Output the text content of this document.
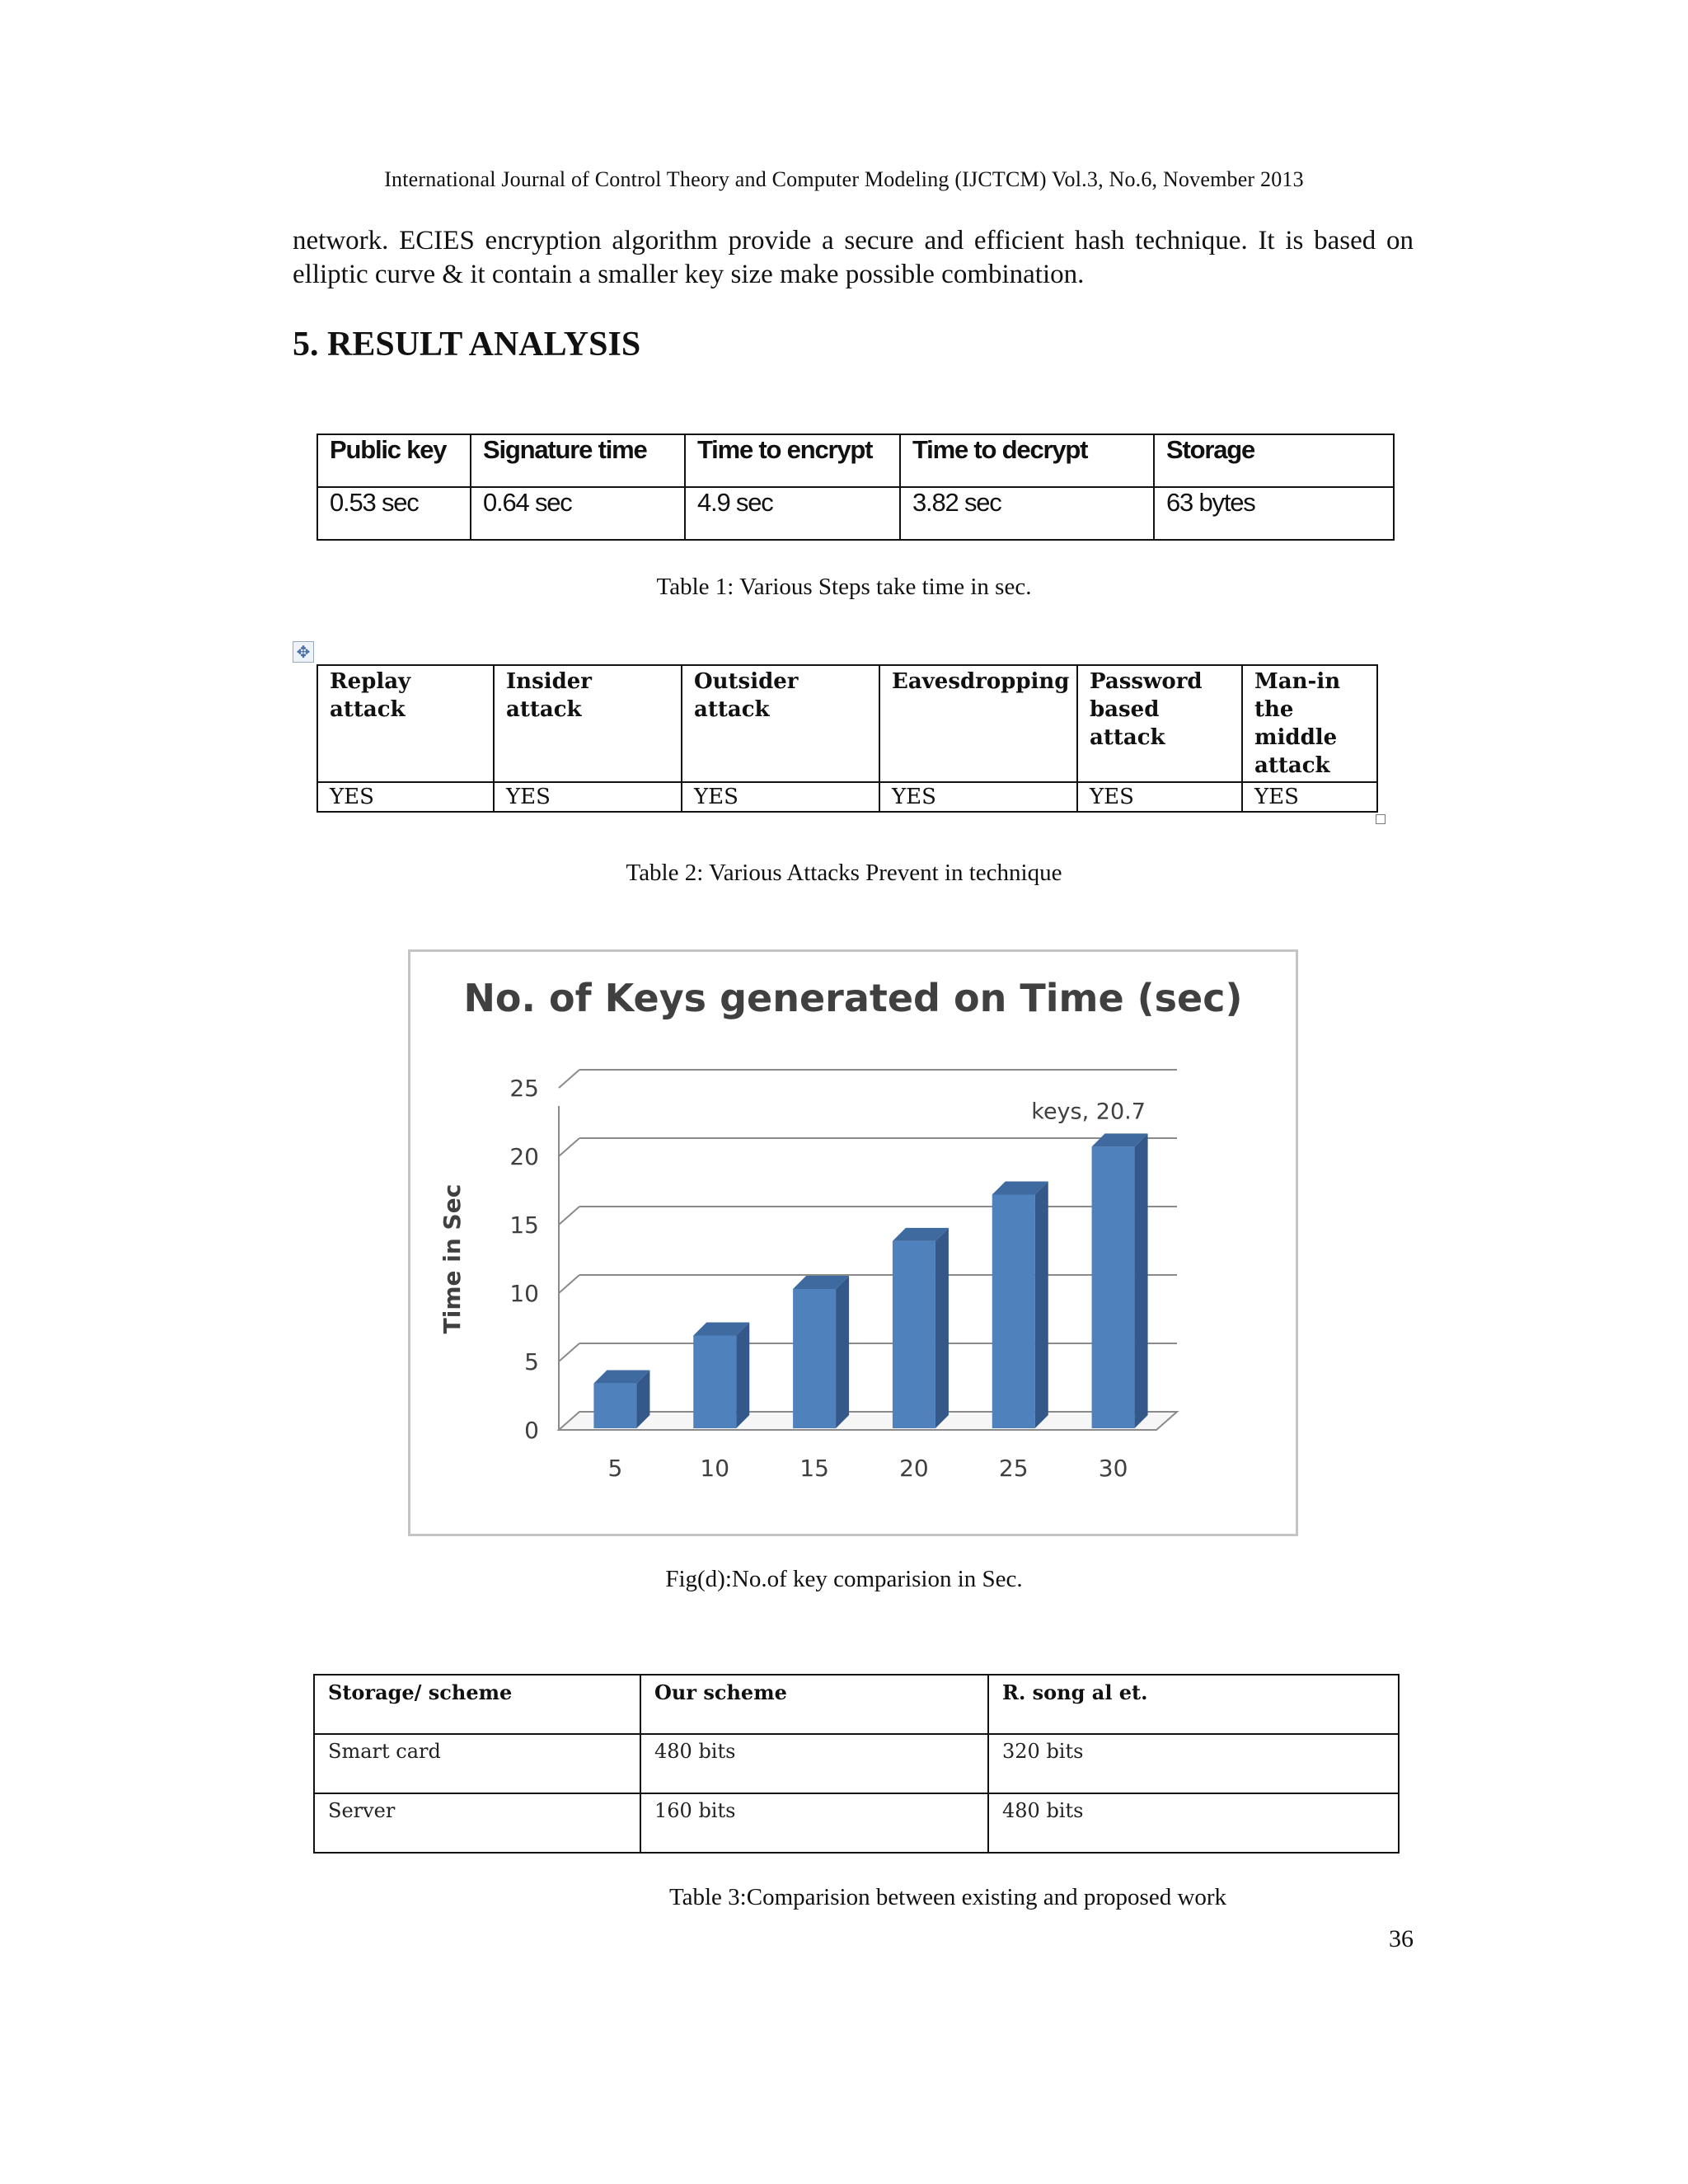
International Journal of Control Theory and Computer Modeling (IJCTCM) Vol.3, No.6, November 2013
network. ECIES encryption algorithm provide a secure and efficient hash technique. It is based on elliptic curve & it contain a smaller key size make possible combination.
5. RESULT ANALYSIS
Public key	Signature time	Time to encrypt	Time to decrypt	Storage
0.53 sec	0.64 sec	4.9 sec	3.82 sec	63 bytes
Table 1: Various Steps take time in sec.
✥
Replay attack	Insider attack	Outsider attack	Eavesdropping	Password based attack	Man-in the middle attack
YES	YES	YES	YES	YES	YES
Table 2: Various Attacks Prevent in technique
No. of Keys generated on Time (sec)
0
5
10
15
20
25
Time in Sec
5	10	15	20	25	30
keys, 20.7
Fig(d):No.of key comparision in Sec.
Storage/ scheme	Our scheme	R. song al et.
Smart card	480 bits	320 bits
Server	160 bits	480 bits
Table 3:Comparision between existing and proposed work
36
